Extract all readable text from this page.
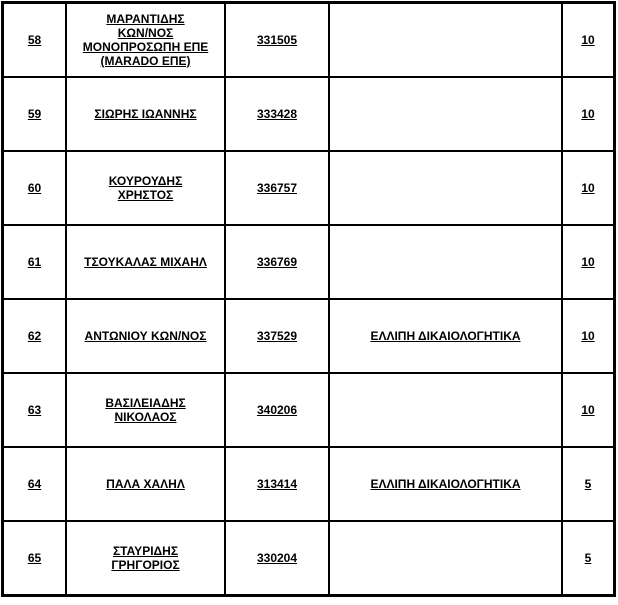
58	ΜΑΡΑΝΤΙΔΗΣ
ΚΩΝ/ΝΟΣ
ΜΟΝΟΠΡΟΣΩΠΗ ΕΠΕ
(MARADO ΕΠΕ)	331505		10
59	ΣΙΩΡΗΣ ΙΩΑΝΝΗΣ	333428		10
60	ΚΟΥΡΟΥΔΗΣ
ΧΡΗΣΤΟΣ	336757		10
61	ΤΣΟΥΚΑΛΑΣ ΜΙΧΑΗΛ	336769		10
62	ΑΝΤΩΝΙΟΥ ΚΩΝ/ΝΟΣ	337529	ΕΛΛΙΠΗ ΔΙΚΑΙΟΛΟΓΗΤΙΚΑ	10
63	ΒΑΣΙΛΕΙΑΔΗΣ
ΝΙΚΟΛΑΟΣ	340206		10
64	ΠΑΛΑ ΧΑΛΗΛ	313414	ΕΛΛΙΠΗ ΔΙΚΑΙΟΛΟΓΗΤΙΚΑ	5
65	ΣΤΑΥΡΙΔΗΣ
ΓΡΗΓΟΡΙΟΣ	330204		5
